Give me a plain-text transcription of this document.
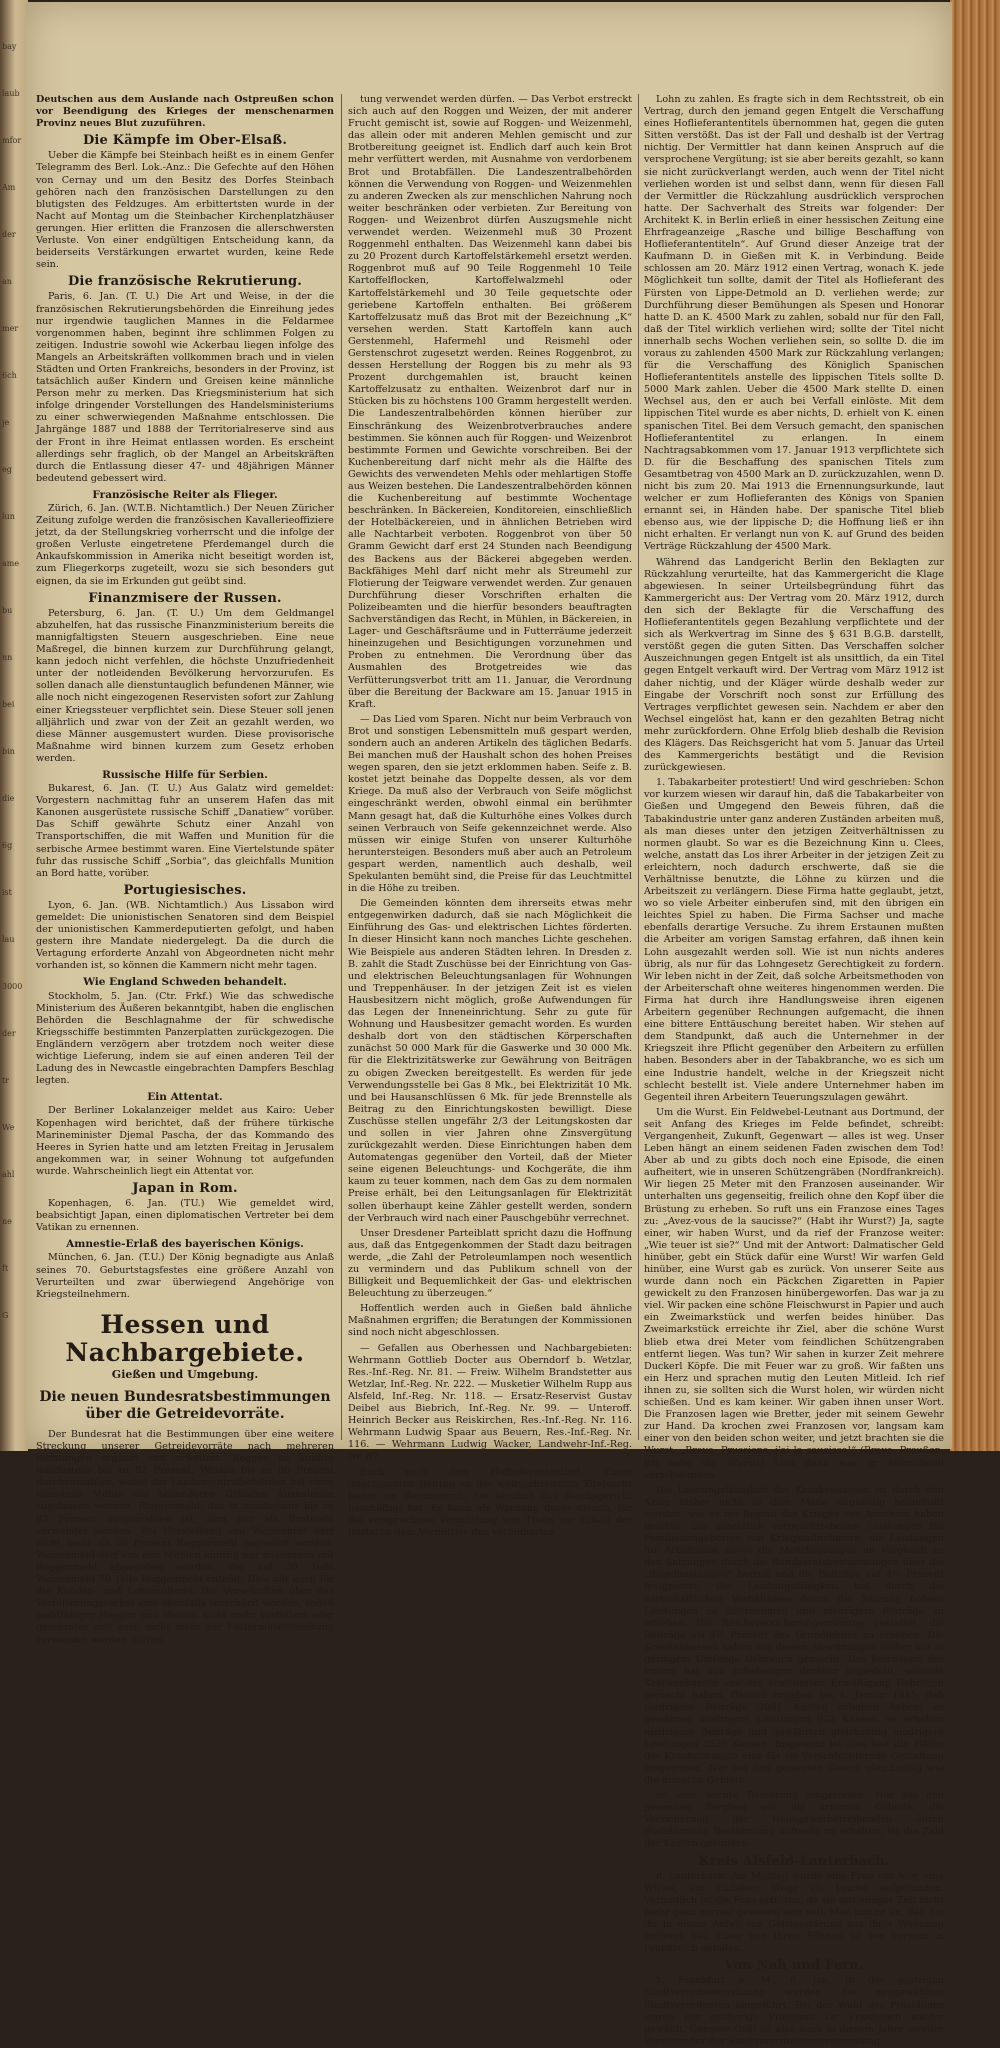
bay
laub
mfor
Am
der
an
mer
6ch
je
eg
lun
ame
bu
nn
bei
bin
die
6g
ist
lau
3000
der
tr
We
ahl
ne
ft
G

Deutschen aus dem Auslande nach Ostpreußen schon vor Beendigung des Krieges der menschenarmen Provinz neues Blut zuzuführen.

Die Kämpfe im Ober-Elsaß.

Ueber die Kämpfe bei Steinbach heißt es in einem Genfer Telegramm des Berl. Lok.-Anz.: Die Gefechte auf den Höhen von Cernay und um den Besitz des Dorfes Steinbach gehören nach den französischen Darstellungen zu den blutigsten des Feldzuges. Am erbittertsten wurde in der Nacht auf Montag um die Steinbacher Kirchenplatzhäuser gerungen. Hier erlitten die Franzosen die allerschwersten Verluste. Von einer endgültigen Entscheidung kann, da beiderseits Verstärkungen erwartet wurden, keine Rede sein.

Die französische Rekrutierung.

Paris, 6. Jan. (T. U.) Die Art und Weise, in der die französischen Rekrutierungsbehörden die Einreihung jedes nur irgendwie tauglichen Mannes in die Feldarmee vorgenommen haben, beginnt ihre schlimmen Folgen zu zeitigen. Industrie sowohl wie Ackerbau liegen infolge des Mangels an Arbeitskräften vollkommen brach und in vielen Städten und Orten Frankreichs, besonders in der Provinz, ist tatsächlich außer Kindern und Greisen keine männliche Person mehr zu merken. Das Kriegsministerium hat sich infolge dringender Vorstellungen des Handelsministeriums zu einer schwerwiegenden Maßnahme entschlossen. Die Jahrgänge 1887 und 1888 der Territorialreserve sind aus der Front in ihre Heimat entlassen worden. Es erscheint allerdings sehr fraglich, ob der Mangel an Arbeitskräften durch die Entlassung dieser 47- und 48jährigen Männer bedeutend gebessert wird.

Französische Reiter als Flieger.

Zürich, 6. Jan. (W.T.B. Nichtamtlich.) Der Neuen Züricher Zeitung zufolge werden die französischen Kavallerieoffiziere jetzt, da der Stellungskrieg vorherrscht und die infolge der großen Verluste eingetretene Pferdemangel durch die Ankaufskommission in Amerika nicht beseitigt worden ist, zum Fliegerkorps zugeteilt, wozu sie sich besonders gut eignen, da sie im Erkunden gut geübt sind.

Finanzmisere der Russen.

Petersburg, 6. Jan. (T. U.) Um dem Geldmangel abzuhelfen, hat das russische Finanzministerium bereits die mannigfaltigsten Steuern ausgeschrieben. Eine neue Maßregel, die binnen kurzem zur Durchführung gelangt, kann jedoch nicht verfehlen, die höchste Unzufriedenheit unter der notleidenden Bevölkerung hervorzurufen. Es sollen danach alle dienstuntauglich befundenen Männer, wie alle noch nicht eingezogenen Reservisten sofort zur Zahlung einer Kriegssteuer verpflichtet sein. Diese Steuer soll jenen alljährlich und zwar von der Zeit an gezahlt werden, wo diese Männer ausgemustert wurden. Diese provisorische Maßnahme wird binnen kurzem zum Gesetz erhoben werden.

Russische Hilfe für Serbien.

Bukarest, 6. Jan. (T. U.) Aus Galatz wird gemeldet: Vorgestern nachmittag fuhr an unserem Hafen das mit Kanonen ausgerüstete russische Schiff „Danatiew“ vorüber. Das Schiff gewährte Schutz einer Anzahl von Transportschiffen, die mit Waffen und Munition für die serbische Armee bestimmt waren. Eine Viertelstunde später fuhr das russische Schiff „Sorbia“, das gleichfalls Munition an Bord hatte, vorüber.

Portugiesisches.

Lyon, 6. Jan. (WB. Nichtamtlich.) Aus Lissabon wird gemeldet: Die unionistischen Senatoren sind dem Beispiel der unionistischen Kammerdeputierten gefolgt, und haben gestern ihre Mandate niedergelegt. Da die durch die Vertagung erforderte Anzahl von Abgeordneten nicht mehr vorhanden ist, so können die Kammern nicht mehr tagen.

Wie England Schweden behandelt.

Stockholm, 5. Jan. (Ctr. Frkf.) Wie das schwedische Ministerium des Äußeren bekanntgibt, haben die englischen Behörden die Beschlagnahme der für schwedische Kriegsschiffe bestimmten Panzerplatten zurückgezogen. Die Engländern verzögern aber trotzdem noch weiter diese wichtige Lieferung, indem sie auf einen anderen Teil der Ladung des in Newcastle eingebrachten Dampfers Beschlag legten.

Ein Attentat.

Der Berliner Lokalanzeiger meldet aus Kairo: Ueber Kopenhagen wird berichtet, daß der frühere türkische Marineminister Djemal Pascha, der das Kommando des Heeres in Syrien hatte und am letzten Freitag in Jerusalem angekommen war, in seiner Wohnung tot aufgefunden wurde. Wahrscheinlich liegt ein Attentat vor.

Japan in Rom.

Kopenhagen, 6. Jan. (TU.) Wie gemeldet wird, beabsichtigt Japan, einen diplomatischen Vertreter bei dem Vatikan zu ernennen.

Amnestie-Erlaß des bayerischen Königs.

München, 6. Jan. (T.U.) Der König begnadigte aus Anlaß seines 70. Geburtstagsfestes eine größere Anzahl von Verurteilten und zwar überwiegend Angehörige von Kriegsteilnehmern.

Hessen und Nachbargebiete.
Gießen und Umgebung.
Die neuen Bundesratsbestimmungen über die Getreidevorräte.

Der Bundesrat hat die Bestimmungen über eine weitere Streckung unserer Getreidevorräte nach mehreren Richtungen ergänzt und erweitert. Roggen ist künftig mindestens bis zu 82 Prozent, Weizen bis zu 80 Prozent durchzumahlen, wobei der Landeszentralbehörden bei einer einzelnen Mühle aus besonderen Gründen Ausnahmen zugelassen werden. Roggenmehl, das in mindestens bis zu 82 Prozent ausgemahlen ist, darf nur als Brotmehl verwendet werden. Bei Herstellung von Weizenbrot darf nicht mehr als 30 Prozent Roggenmehl zugesetzt werden. Weizenmehl darf von den Mühlen künftig nur zusammen mit Roggenmehl abgegeben werden, die auf 30 Teile Weizenmehl 70 Teile Roggenmehl enthält. Dies gilt auch für die Kunden- und Lohnmüllerei. Die Vorschriften über das Verfütterungsverbot sind ebenfalls verschärft worden, sodaß mahlfähiger Roggen und Weizen nicht mehr verfüttert oder geschrotet und auch nicht mehr zur Futtermittelbereitung verwendet werden dürfen.

tung verwendet werden dürfen. — Das Verbot erstreckt sich auch auf den Roggen und Weizen, der mit anderer Frucht gemischt ist, sowie auf Roggen- und Weizenmehl, das allein oder mit anderen Mehlen gemischt und zur Brotbereitung geeignet ist. Endlich darf auch kein Brot mehr verfüttert werden, mit Ausnahme von verdorbenem Brot und Brotabfällen. Die Landeszentralbehörden können die Verwendung von Roggen- und Weizenmehlen zu anderen Zwecken als zur menschlichen Nahrung noch weiter beschränken oder verbieten. Zur Bereitung von Roggen- und Weizenbrot dürfen Auszugsmehle nicht verwendet werden. Weizenmehl muß 30 Prozent Roggenmehl enthalten. Das Weizenmehl kann dabei bis zu 20 Prozent durch Kartoffelstärkemehl ersetzt werden. Roggenbrot muß auf 90 Teile Roggenmehl 10 Teile Kartoffelflocken, Kartoffelwalzmehl oder Kartoffelstärkemehl und 30 Teile gequetschte oder geriebene Kartoffeln enthalten. Bei größerem Kartoffelzusatz muß das Brot mit der Bezeichnung „K“ versehen werden. Statt Kartoffeln kann auch Gerstenmehl, Hafermehl und Reismehl oder Gerstenschrot zugesetzt werden. Reines Roggenbrot, zu dessen Herstellung der Roggen bis zu mehr als 93 Prozent durchgemahlen ist, braucht keinen Kartoffelzusatz zu enthalten. Weizenbrot darf nur in Stücken bis zu höchstens 100 Gramm hergestellt werden. Die Landeszentralbehörden können hierüber zur Einschränkung des Weizenbrotverbrauches andere bestimmen. Sie können auch für Roggen- und Weizenbrot bestimmte Formen und Gewichte vorschreiben. Bei der Kuchenbereitung darf nicht mehr als die Hälfte des Gewichts des verwendeten Mehls oder mehlartigen Stoffe aus Weizen bestehen. Die Landeszentralbehörden können die Kuchenbereitung auf bestimmte Wochentage beschränken. In Bäckereien, Konditoreien, einschließlich der Hotelbäckereien, und in ähnlichen Betrieben wird alle Nachtarbeit verboten. Roggenbrot von über 50 Gramm Gewicht darf erst 24 Stunden nach Beendigung des Backens aus der Bäckerei abgegeben werden. Backfähiges Mehl darf nicht mehr als Streumehl zur Flotierung der Teigware verwendet werden. Zur genauen Durchführung dieser Vorschriften erhalten die Polizeibeamten und die hierfür besonders beauftragten Sachverständigen das Recht, in Mühlen, in Bäckereien, in Lager- und Geschäftsräume und in Futterräume jederzeit hineinzugehen und Besichtigungen vorzunehmen und Proben zu entnehmen. Die Verordnung über das Ausmahlen des Brotgetreides wie das Verfütterungsverbot tritt am 11. Januar, die Verordnung über die Bereitung der Backware am 15. Januar 1915 in Kraft.

— Das Lied vom Sparen. Nicht nur beim Verbrauch von Brot und sonstigen Lebensmitteln muß gespart werden, sondern auch an anderen Artikeln des täglichen Bedarfs. Bei manchen muß der Haushalt schon des hohen Preises wegen sparen, den sie jetzt erklommen haben. Seife z. B. kostet jetzt beinahe das Doppelte dessen, als vor dem Kriege. Da muß also der Verbrauch von Seife möglichst eingeschränkt werden, obwohl einmal ein berühmter Mann gesagt hat, daß die Kulturhöhe eines Volkes durch seinen Verbrauch von Seife gekennzeichnet werde. Also müssen wir einige Stufen von unserer Kulturhöhe heruntersteigen. Besonders muß aber auch an Petroleum gespart werden, namentlich auch deshalb, weil Spekulanten bemüht sind, die Preise für das Leuchtmittel in die Höhe zu treiben.

Die Gemeinden könnten dem ihrerseits etwas mehr entgegenwirken dadurch, daß sie nach Möglichkeit die Einführung des Gas- und elektrischen Lichtes förderten. In dieser Hinsicht kann noch manches Lichte geschehen. Wie Beispiele aus anderen Städten lehren. In Dresden z. B. zahlt die Stadt Zuschüsse bei der Einrichtung von Gas- und elektrischen Beleuchtungsanlagen für Wohnungen und Treppenhäuser. In der jetzigen Zeit ist es vielen Hausbesitzern nicht möglich, große Aufwendungen für das Legen der Inneneinrichtung. Sehr zu gute für Wohnung und Hausbesitzer gemacht worden. Es wurden deshalb dort von den städtischen Körperschaften zunächst 50 000 Mark für die Gaswerke und 30 000 Mk. für die Elektrizitätswerke zur Gewährung von Beiträgen zu obigen Zwecken bereitgestellt. Es werden für jede Verwendungsstelle bei Gas 8 Mk., bei Elektrizität 10 Mk. und bei Hausanschlüssen 6 Mk. für jede Brennstelle als Beitrag zu den Einrichtungskosten bewilligt. Diese Zuschüsse stellen ungefähr 2/3 der Leitungskosten dar und sollen in vier Jahren ohne Zinsvergütung zurückgezahlt werden. Diese Einrichtungen haben dem Automatengas gegenüber den Vorteil, daß der Mieter seine eigenen Beleuchtungs- und Kochgeräte, die ihm kaum zu teuer kommen, nach dem Gas zu dem normalen Preise erhält, bei den Leitungsanlagen für Elektrizität sollen überhaupt keine Zähler gestellt werden, sondern der Verbrauch wird nach einer Pauschgebühr verrechnet.

Unser Dresdener Parteiblatt spricht dazu die Hoffnung aus, daß das Entgegenkommen der Stadt dazu beitragen werde, „die Zahl der Petroleumlampen noch wesentlich zu vermindern und das Publikum schnell von der Billigkeit und Bequemlichkeit der Gas- und elektrischen Beleuchtung zu überzeugen.“

Hoffentlich werden auch in Gießen bald ähnliche Maßnahmen ergriffen; die Beratungen der Kommissionen sind noch nicht abgeschlossen.

— Gefallen aus Oberhessen und Nachbargebieten: Wehrmann Gottlieb Docter aus Oberndorf b. Wetzlar, Res.-Inf.-Reg. Nr. 81. — Freiw. Wilhelm Brandstetter aus Wetzlar, Inf.-Reg. Nr. 222. — Musketier Wilhelm Rupp aus Alsfeld, Inf.-Reg. Nr. 118. — Ersatz-Reservist Gustav Deibel aus Biebrich, Inf.-Reg. Nr. 99. — Unteroff. Heinrich Becker aus Reiskirchen, Res.-Inf.-Reg. Nr. 116. Wehrmann Ludwig Spaar aus Beuern, Res.-Inf.-Reg. Nr. 116. — Wehrmann Ludwig Wacker, Landwehr-Inf.-Reg. Nr. 87.

Euch noch dem Hoflieferantentitel. Einen interessanten Beitrag zu der weitverbreiteten Titelsucht bietet ein Rechtsstreit, der kürzlich das Reichsgericht beschäftigt hat. Er kann als Warnung davor dienen, für die versprochene Vermittlung von Titeln vor Erhalt der letzteren dem Vermittler den vereinbarten

Lohn zu zahlen. Es fragte sich in dem Rechtsstreit, ob ein Vertrag, durch den jemand gegen Entgelt die Verschaffung eines Hoflieferantentitels übernommen hat, gegen die guten Sitten verstößt. Das ist der Fall und deshalb ist der Vertrag nichtig. Der Vermittler hat dann keinen Anspruch auf die versprochene Vergütung; ist sie aber bereits gezahlt, so kann sie nicht zurückverlangt werden, auch wenn der Titel nicht verliehen worden ist und selbst dann, wenn für diesen Fall der Vermittler die Rückzahlung ausdrücklich versprochen hatte. Der Sachverhalt des Streits war folgender: Der Architekt K. in Berlin erließ in einer hessischen Zeitung eine Ehrfrageanzeige „Rasche und billige Beschaffung von Hoflieferantentiteln“. Auf Grund dieser Anzeige trat der Kaufmann D. in Gießen mit K. in Verbindung. Beide schlossen am 20. März 1912 einen Vertrag, wonach K. jede Möglichkeit tun sollte, damit der Titel als Hoflieferant des Fürsten von Lippe-Detmold an D. verliehen werde; zur Durchführung dieser Bemühungen als Spesen und Honorar hatte D. an K. 4500 Mark zu zahlen, sobald nur für den Fall, daß der Titel wirklich verliehen wird; sollte der Titel nicht innerhalb sechs Wochen verliehen sein, so sollte D. die im voraus zu zahlenden 4500 Mark zur Rückzahlung verlangen; für die Verschaffung des Königlich Spanischen Hoflieferantentitels anstelle des lippischen Titels sollte D. 5000 Mark zahlen. Ueber die 4500 Mark stellte D. einen Wechsel aus, den er auch bei Verfall einlöste. Mit dem lippischen Titel wurde es aber nichts, D. erhielt von K. einen spanischen Titel. Bei dem Versuch gemacht, den spanischen Hoflieferantentitel zu erlangen. In einem Nachtragsabkommen vom 17. Januar 1913 verpflichtete sich D. für die Beschaffung des spanischen Titels zum Gesamtbetrag von 4500 Mark an D. zurückzuzahlen, wenn D. nicht bis zum 20. Mai 1913 die Ernennungsurkunde, laut welcher er zum Hoflieferanten des Königs von Spanien ernannt sei, in Händen habe. Der spanische Titel blieb ebenso aus, wie der lippische D; die Hoffnung ließ er ihn nicht erhalten. Er verlangt nun von K. auf Grund des beiden Verträge Rückzahlung der 4500 Mark.

Während das Landgericht Berlin den Beklagten zur Rückzahlung verurteilte, hat das Kammergericht die Klage abgewiesen. In seiner Urteilsbegründung führt das Kammergericht aus: Der Vertrag vom 20. März 1912, durch den sich der Beklagte für die Verschaffung des Hoflieferantentitels gegen Bezahlung verpflichtete und der sich als Werkvertrag im Sinne des § 631 B.G.B. darstellt, verstößt gegen die guten Sitten. Das Verschaffen solcher Auszeichnungen gegen Entgelt ist als unsittlich, da ein Titel gegen Entgelt verkauft wird. Der Vertrag vom März 1912 ist daher nichtig, und der Kläger würde deshalb weder zur Eingabe der Vorschrift noch sonst zur Erfüllung des Vertrages verpflichtet gewesen sein. Nachdem er aber den Wechsel eingelöst hat, kann er den gezahlten Betrag nicht mehr zurückfordern. Ohne Erfolg blieb deshalb die Revision des Klägers. Das Reichsgericht hat vom 5. Januar das Urteil des Kammergerichts bestätigt und die Revision zurückgewiesen.

1. Tabakarbeiter protestiert! Und wird geschrieben: Schon vor kurzem wiesen wir darauf hin, daß die Tabakarbeiter von Gießen und Umgegend den Beweis führen, daß die Tabakindustrie unter ganz anderen Zuständen arbeiten muß, als man dieses unter den jetzigen Zeitverhältnissen zu normen glaubt. So war es die Bezeichnung Kinn u. Clees, welche, anstatt das Los ihrer Arbeiter in der jetzigen Zeit zu erleichtern, noch dadurch erschwerte, daß sie die Verhältnisse benutzte, die Löhne zu kürzen und die Arbeitszeit zu verlängern. Diese Firma hatte geglaubt, jetzt, wo so viele Arbeiter einberufen sind, mit den übrigen ein leichtes Spiel zu haben. Die Firma Sachser und mache ebenfalls derartige Versuche. Zu ihrem Erstaunen mußten die Arbeiter am vorigen Samstag erfahren, daß ihnen kein Lohn ausgezahlt werden soll. Wie ist nun nichts anderes übrig, als nur für das Lohngesetz Gerechtigkeit zu fordern. Wir leben nicht in der Zeit, daß solche Arbeitsmethoden von der Arbeiterschaft ohne weiteres hingenommen werden. Die Firma hat durch ihre Handlungsweise ihren eigenen Arbeitern gegenüber Rechnungen aufgemacht, die ihnen eine bittere Enttäuschung bereitet haben. Wir stehen auf dem Standpunkt, daß auch die Unternehmer in der Kriegszeit ihre Pflicht gegenüber den Arbeitern zu erfüllen haben. Besonders aber in der Tabakbranche, wo es sich um eine Industrie handelt, welche in der Kriegszeit nicht schlecht bestellt ist. Viele andere Unternehmer haben im Gegenteil ihren Arbeitern Teuerungszulagen gewährt.

Um die Wurst. Ein Feldwebel-Leutnant aus Dortmund, der seit Anfang des Krieges im Felde befindet, schreibt: Vergangenheit, Zukunft, Gegenwart — alles ist weg. Unser Leben hängt an einem seidenen Faden zwischen dem Tod! Aber ab und zu gibts doch noch eine Episode, die einen aufheitert, wie in unseren Schützengräben (Nordfrankreich). Wir liegen 25 Meter mit den Franzosen auseinander. Wir unterhalten uns gegenseitig, freilich ohne den Kopf über die Brüstung zu erheben. So ruft uns ein Franzose eines Tages zu: „Avez-vous de la saucisse?“ (Habt ihr Wurst?) Ja, sagte einer, wir haben Wurst, und da rief der Franzose weiter: „Wie teuer ist sie?“ Und mit der Antwort: Dalmatischer Geld hinüber, gebt ein Stück dafür eine Wurst! Wir warfen Geld hinüber, eine Wurst gab es zurück. Von unserer Seite aus wurde dann noch ein Päckchen Zigaretten in Papier gewickelt zu den Franzosen hinübergeworfen. Das war ja zu viel. Wir packen eine schöne Fleischwurst in Papier und auch ein Zweimarkstück und werfen beides hinüber. Das Zweimarkstück erreichte ihr Ziel, aber die schöne Wurst blieb etwa drei Meter vom feindlichen Schützengraben entfernt liegen. Was tun? Wir sahen in kurzer Zeit mehrere Duckerl Köpfe. Die mit Feuer war zu groß. Wir faßten uns ein Herz und sprachen mutig den Leuten Mitleid. Ich rief ihnen zu, sie sollten sich die Wurst holen, wir würden nicht schießen. Und es kam keiner. Wir gaben ihnen unser Wort. Die Franzosen lagen wie Bretter, jeder mit seinem Gewehr zur Hand. Da krochen zwei Franzosen vor, langsam kam einer von den beiden schon weiter, und jetzt brachten sie die Wurst. „Bravo, Prussiens, j'ai la saucisse!“ (Bravo, Preußen, ich habe die Wurst!) Und dann war er blitzschnell verschwunden.

Die Leistungsfähigkeit der Krankenkassen ist durch den Krieg bisher nicht in dem Maße ungünstig beeinflußt worden, wie es bei Beginn des Krieges den Anschein haben mochte. Die gesetzlich vorgeschriebenen Leistungen für Familienangehörige von Kriegsteilnehmern, die Leistungen für Arbeitslose sowie die Mehrleistungen im Vergleich zu den Satzungen durch die Bundesratsbestimmungen über die „Regelleistungen“ befreit und die Beiträge auf 4½ Prozent festgesetzt. Die Leistungsfähigkeit hat durch die wirtschaftlichen Verhältnisse durch die Satzung höhere Leistungen zu übernehmen und niedrigere Beiträge zu erheben. Die Reichsversicherungsordnung gestattet, die Beiträge als 4½ Prozent des Grundlohnes zu erheben. Die Krankenkassen haben von diesen Anordnungen bisher nur in geringem Umfange Gebrauch gemacht. Das Reichsamt des Innern hat nun Erhebungen darüber angestellt, wieviele Krankenkassen von der erweiterten Ermäßigung Gebrauch gemacht haben. Danach ergaben bis 1. Januar 1915, daß niedrigere Beiträge 2091 Kassen erhoben haben; es gewähren niedrigere Leistungen 922 Kassen; es erhoben niedrigere Beiträge und gewährten gleichzeitig niedrigere Leistungen 3539 Kassen. Insgesamt ist also fast die Hälfte der Krankenkassen eine für sie Verschlechternde Gestaltung eingetreten. Nur bei den gesamten Gesetz gleichzeitig wie die ärmeren Gebiete.

ist eine leichte Besserung eingetreten. Nur bei den gesamten Bergbau wie die ärmeren Gebiete, die Versicherung der Hausgewerbetreibenden durch Statutarische Bestimmung aufrecht zu erhalten, ist die Zahl der Kassen gesunken.

Kreis Alsfeld-Lauterbach.

d. Lauterbach. Am Montag wurde eine Frau von hier, eine Witwe, am Eudolser Wege als Leiche aufgefunden. Vermutlich ist die Frau erfroren, da sie seit einiger Zeit nicht mehr ganz normal gewesen sein soll. Man nimmt an, daß bei ihr in einem Anfall von Geistesstörung aus ihrer Wohnung entfernt hat. Einer von ihren Söhnen ist vor kurzem in Frankreich gefallen.

Von Nah und Fern.

k. Frankfurt a. M., 6. Jan. In der gestrigen Stadtverordnetensitzung wurden die neugewählten Stadtverordneten eingeführt. Bei der Wahl des Präsidiums wurde der seitherige Präsident Dr. Friedleben wieder gewählt. Genosse Gräf ist also auch in diesem Jahre zweiter Vorsitzender der Stadtverordnetenversammlung.
